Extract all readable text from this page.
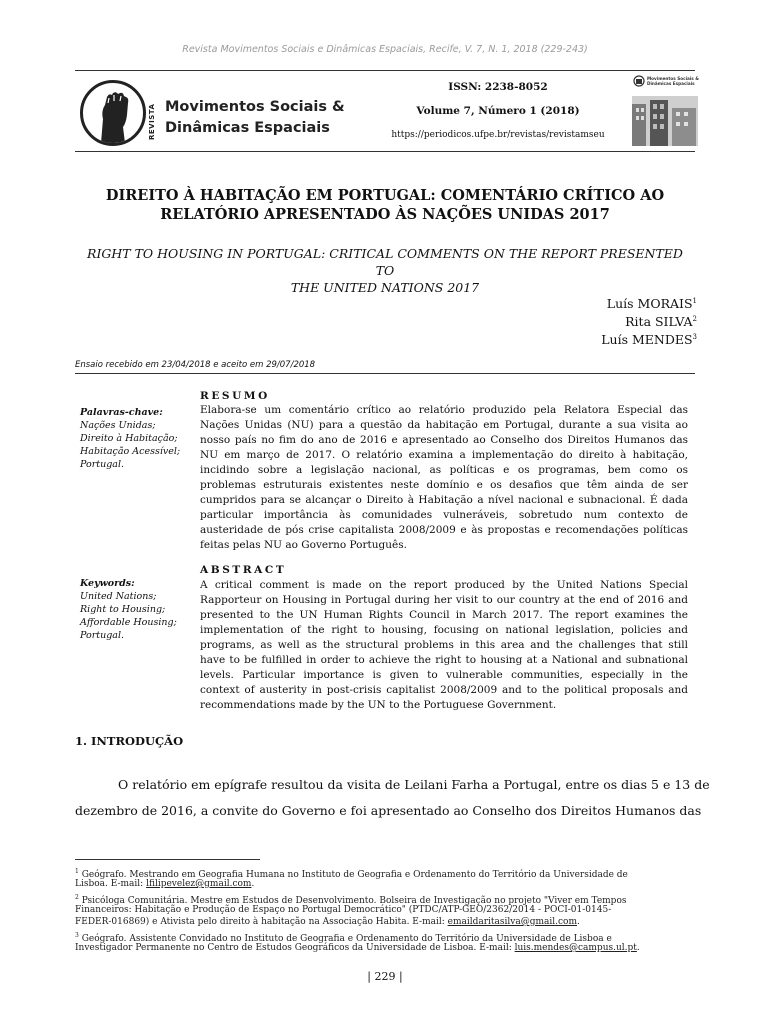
Revista Movimentos Sociais e Dinâmicas Espaciais, Recife, V. 7, N. 1, 2018 (229-243)
REVISTA Movimentos Sociais &
Dinâmicas Espaciais
ISSN: 2238-8052
Volume 7, Número 1 (2018)
https://periodicos.ufpe.br/revistas/revistamseu
Movimentos Sociais &
Dinâmicas Espaciais
DIREITO À HABITAÇÃO EM PORTUGAL: COMENTÁRIO CRÍTICO AO
RELATÓRIO APRESENTADO ÀS NAÇÕES UNIDAS 2017
RIGHT TO HOUSING IN PORTUGAL: CRITICAL COMMENTS ON THE REPORT PRESENTED TO
THE UNITED NATIONS 2017
Luís MORAIS$^1$
Rita SILVA$^2$
Luís MENDES$^3$
Ensaio recebido em 23/04/2018 e aceito em 29/07/2018
RESUMO
Palavras-chave:
Nações Unidas;
Direito à Habitação;
Habitação Acessível;
Portugal.
Elabora-se um comentário crítico ao relatório produzido pela Relatora Especial das
Nações Unidas (NU) para a questão da habitação em Portugal, durante a sua visita ao
nosso país no fim do ano de 2016 e apresentado ao Conselho dos Direitos Humanos das
NU em março de 2017. O relatório examina a implementação do direito à habitação,
incidindo sobre a legislação nacional, as políticas e os programas, bem como os
problemas estruturais existentes neste domínio e os desafios que têm ainda de ser
cumpridos para se alcançar o Direito à Habitação a nível nacional e subnacional. É dada
particular importância às comunidades vulneráveis, sobretudo num contexto de
austeridade de pós crise capitalista 2008/2009 e às propostas e recomendações políticas
feitas pelas NU ao Governo Português.
ABSTRACT
Keywords:
United Nations;
Right to Housing;
Affordable Housing;
Portugal.
A critical comment is made on the report produced by the United Nations Special
Rapporteur on Housing in Portugal during her visit to our country at the end of 2016 and
presented to the UN Human Rights Council in March 2017. The report examines the
implementation of the right to housing, focusing on national legislation, policies and
programs, as well as the structural problems in this area and the challenges that still
have to be fulfilled in order to achieve the right to housing at a National and subnational
levels. Particular importance is given to vulnerable communities, especially in the
context of austerity in post-crisis capitalist 2008/2009 and to the political proposals and
recommendations made by the UN to the Portuguese Government.
1. INTRODUÇÃO
O relatório em epígrafe resultou da visita de Leilani Farha a Portugal, entre os dias 5 e 13 de
dezembro de 2016, a convite do Governo e foi apresentado ao Conselho dos Direitos Humanos das
$^1$ Geógrafo. Mestrando em Geografia Humana no Instituto de Geografia e Ordenamento do Território da Universidade de
Lisboa. E-mail: lfilipevelez@gmail.com.
$^2$ Psicóloga Comunitária. Mestre em Estudos de Desenvolvimento. Bolseira de Investigação no projeto "Viver em Tempos
Financeiros: Habitação e Produção de Espaço no Portugal Democrático" (PTDC/ATP-GEO/2362/2014 - POCI-01-0145-
FEDER-016869) e Ativista pelo direito à habitação na Associação Habita. E-mail: emaildaritasilva@gmail.com.
$^3$ Geógrafo. Assistente Convidado no Instituto de Geografia e Ordenamento do Território da Universidade de Lisboa e
Investigador Permanente no Centro de Estudos Geográficos da Universidade de Lisboa. E-mail: luis.mendes@campus.ul.pt.
| 229 |
